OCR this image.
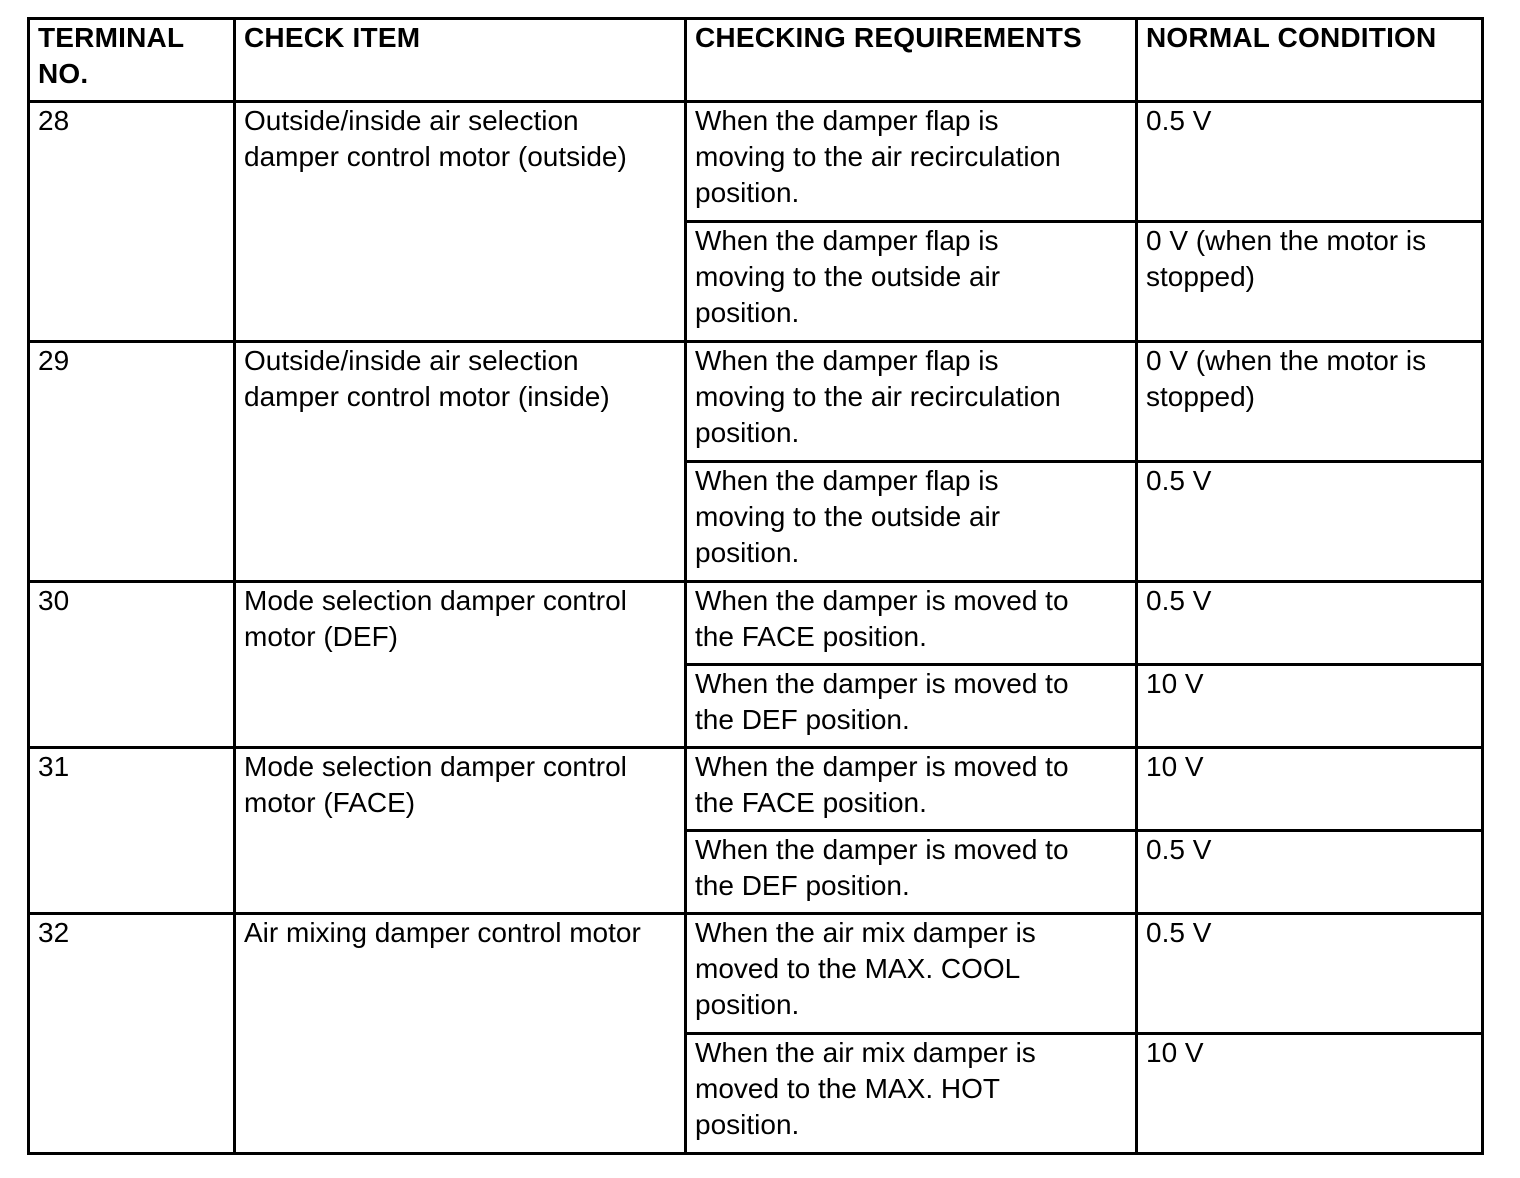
TERMINAL
NO.	CHECK ITEM	CHECKING REQUIREMENTS	NORMAL CONDITION

28	Outside/inside air selection
damper control motor (outside)	When the damper flap is
moving to the air recirculation
position.	0.5 V

		When the damper flap is
moving to the outside air
position.	0 V (when the motor is
stopped)

29	Outside/inside air selection
damper control motor (inside)	When the damper flap is
moving to the air recirculation
position.	0 V (when the motor is
stopped)

		When the damper flap is
moving to the outside air
position.	0.5 V

30	Mode selection damper control
motor (DEF)	When the damper is moved to
the FACE position.	0.5 V

		When the damper is moved to
the DEF position.	10 V

31	Mode selection damper control
motor (FACE)	When the damper is moved to
the FACE position.	10 V

		When the damper is moved to
the DEF position.	0.5 V

32	Air mixing damper control motor	When the air mix damper is
moved to the MAX. COOL
position.	0.5 V

		When the air mix damper is
moved to the MAX. HOT
position.	10 V
